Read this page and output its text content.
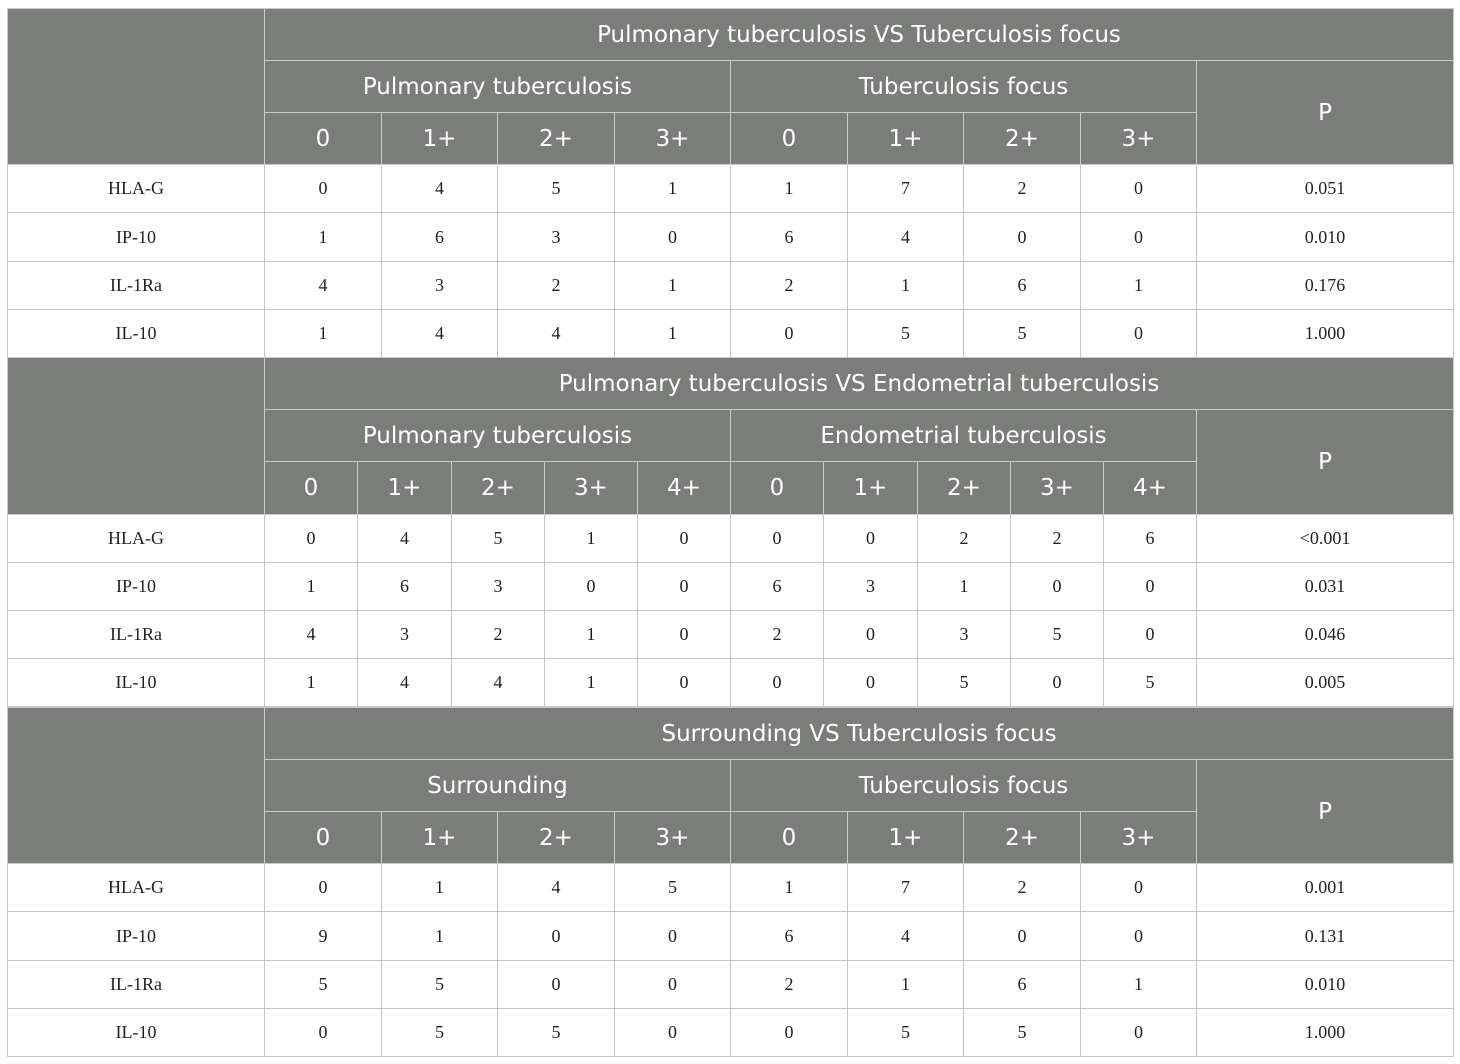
	Pulmonary tuberculosis VS Tuberculosis focus								
	Pulmonary tuberculosis				Tuberculosis focus				P
	0	1+	2+	3+	0	1+	2+	3+	
HLA-G	0	4	5	1	1	7	2	0	0.051
IP-10	1	6	3	0	6	4	0	0	0.010
IL-1Ra	4	3	2	1	2	1	6	1	0.176
IL-10	1	4	4	1	0	5	5	0	1.000
	Pulmonary tuberculosis VS Endometrial tuberculosis										
	Pulmonary tuberculosis					Endometrial tuberculosis					P
	0	1+	2+	3+	4+	0	1+	2+	3+	4+	
HLA-G	0	4	5	1	0	0	0	2	2	6	<0.001
IP-10	1	6	3	0	0	6	3	1	0	0	0.031
IL-1Ra	4	3	2	1	0	2	0	3	5	0	0.046
IL-10	1	4	4	1	0	0	0	5	0	5	0.005
	Surrounding VS Tuberculosis focus								
	Surrounding				Tuberculosis focus				P
	0	1+	2+	3+	0	1+	2+	3+	
HLA-G	0	1	4	5	1	7	2	0	0.001
IP-10	9	1	0	0	6	4	0	0	0.131
IL-1Ra	5	5	0	0	2	1	6	1	0.010
IL-10	0	5	5	0	0	5	5	0	1.000
